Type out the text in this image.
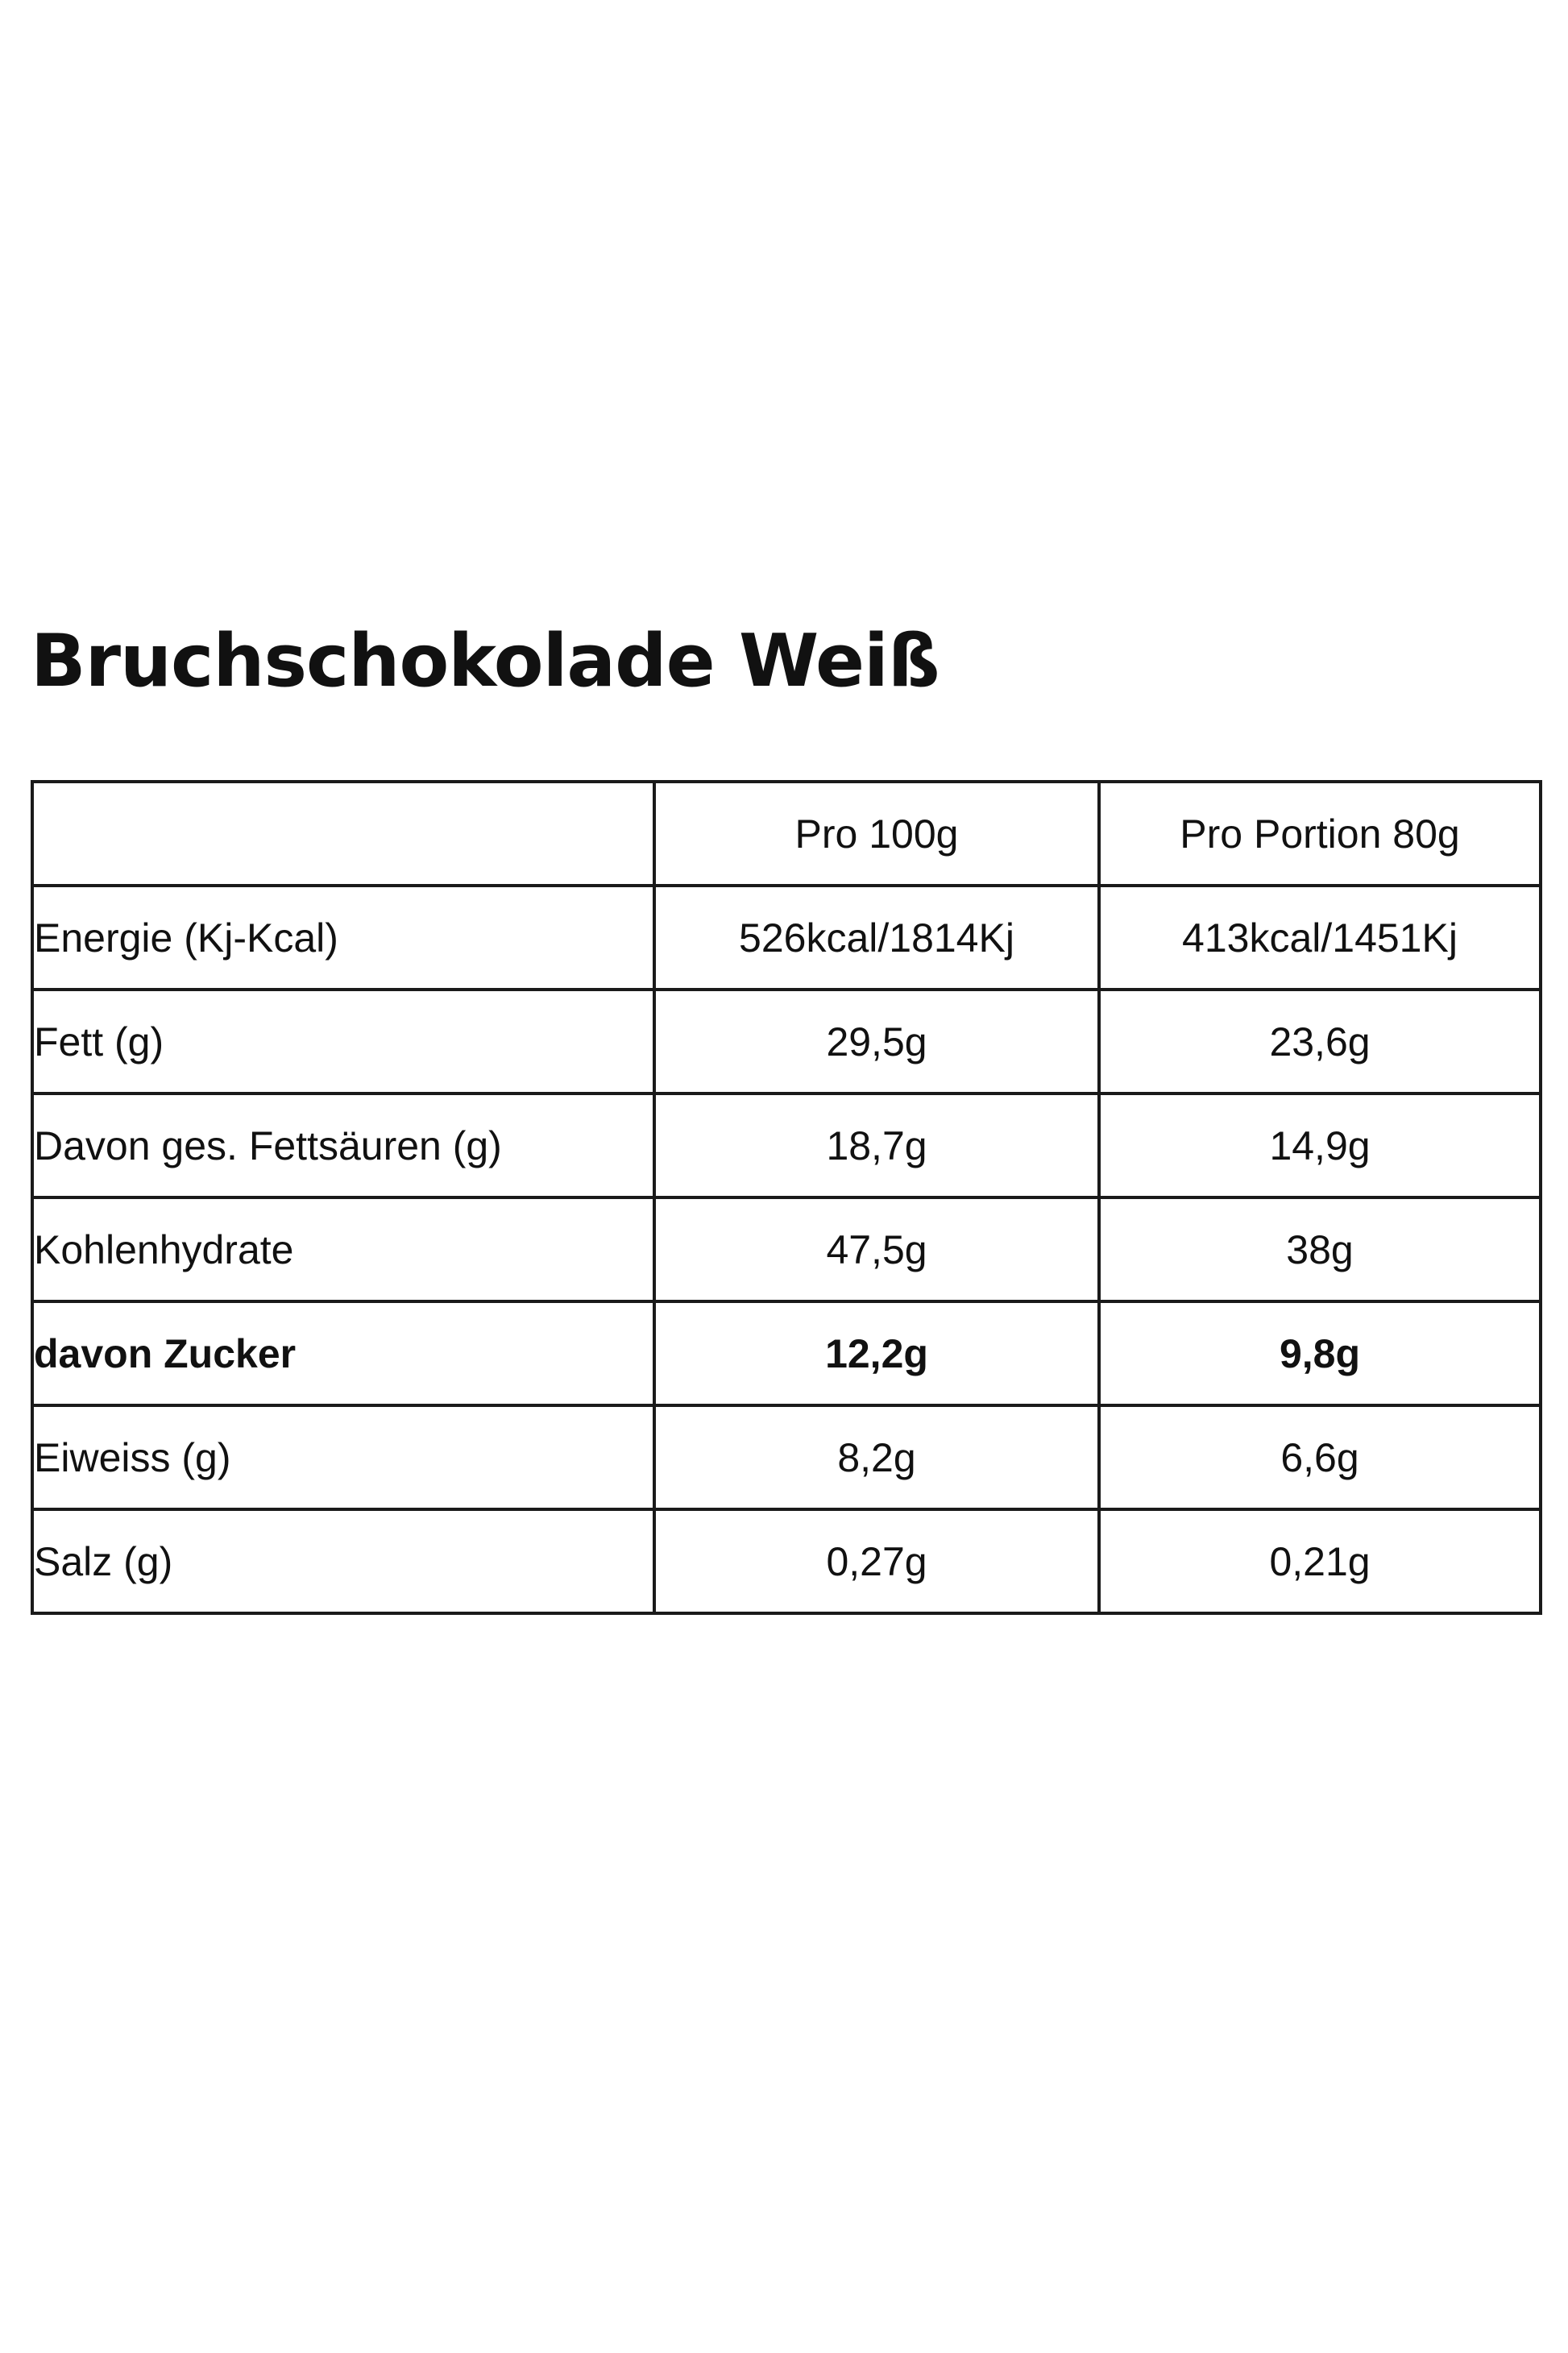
Bruchschokolade Weiß
	Pro 100g	Pro Portion 80g
Energie (Kj-Kcal)	526kcal/1814Kj	413kcal/1451Kj
Fett (g)	29,5g	23,6g
Davon ges. Fettsäuren (g)	18,7g	14,9g
Kohlenhydrate	47,5g	38g
davon Zucker	12,2g	9,8g
Eiweiss (g)	8,2g	6,6g
Salz (g)	0,27g	0,21g
